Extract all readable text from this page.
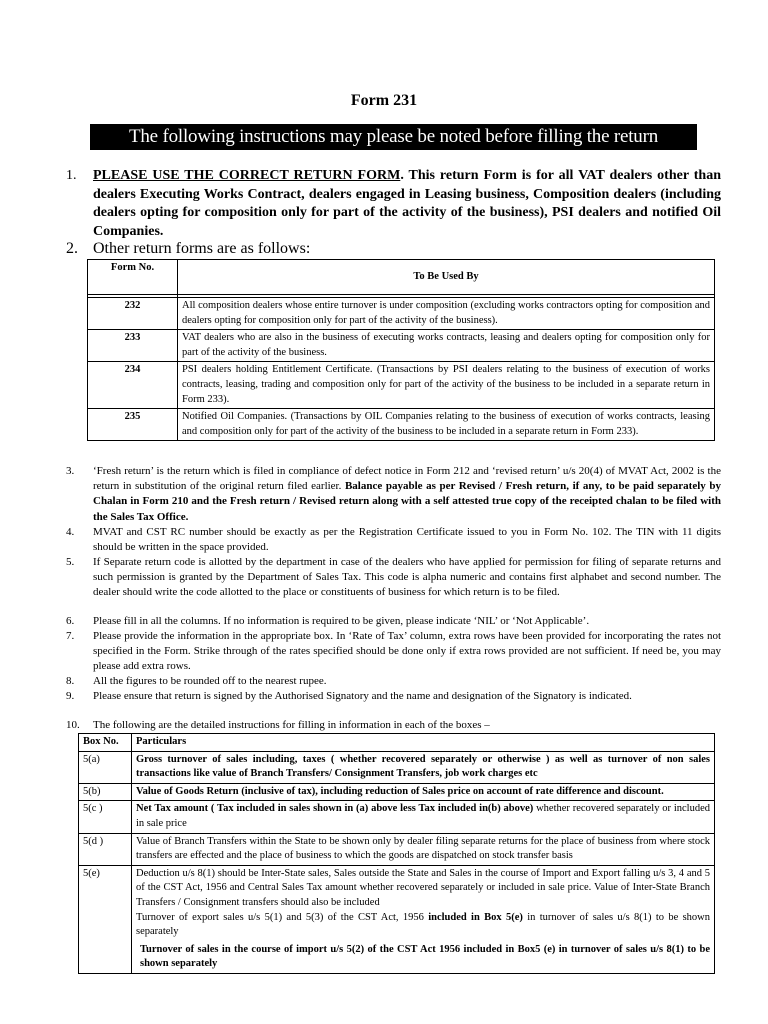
Form 231
The following instructions may please be noted before filling the return
1.	PLEASE USE THE CORRECT RETURN FORM. This return Form is for all VAT dealers other than dealers Executing Works Contract, dealers engaged in Leasing business, Composition dealers (including dealers opting for composition only for part of the activity of the business), PSI dealers and notified Oil Companies.
2. Other return forms are as follows:
Form No.	To Be Used By

232	All composition dealers whose entire turnover is under composition (excluding works contractors opting for composition and dealers opting for composition only for part of the activity of the business).
233	VAT dealers who are also in the business of executing works contracts, leasing and dealers opting for composition only for part of the activity of the business.
234	PSI dealers holding Entitlement Certificate. (Transactions by PSI dealers relating to the business of execution of works contracts, leasing, trading and composition only for part of the activity of the business to be included in a separate return in Form 233).
235	Notified Oil Companies. (Transactions by OIL Companies relating to the business of execution of works contracts, leasing and composition only for part of the activity of the business to be included in a separate return in Form 233).
3.	‘Fresh return’ is the return which is filed in compliance of defect notice in Form 212 and ‘revised return’ u/s 20(4) of MVAT Act, 2002 is the return in substitution of the original return filed earlier. Balance payable as per Revised / Fresh return, if any, to be paid separately by Chalan in Form 210 and the Fresh return / Revised return along with a self attested true copy of the receipted chalan to be filed with the Sales Tax Office.
4.	MVAT and CST RC number should be exactly as per the Registration Certificate issued to you in Form No. 102. The TIN with 11 digits should be written in the space provided.
5.	If Separate return code is allotted by the department in case of the dealers who have applied for permission for filing of separate returns and such permission is granted by the Department of Sales Tax. This code is alpha numeric and contains first alphabet and second number. The dealer should write the code allotted to the place or constituents of business for which return is to be filed.
6.	Please fill in all the columns. If no information is required to be given, please indicate ‘NIL’ or ‘Not Applicable’.
7.	Please provide the information in the appropriate box. In ‘Rate of Tax’ column, extra rows have been provided for incorporating the rates not specified in the Form. Strike through of the rates specified should be done only if extra rows provided are not sufficient. If need be, you may please add extra rows.
8.	All the figures to be rounded off to the nearest rupee.
9.	Please ensure that return is signed by the Authorised Signatory and the name and designation of the Signatory is indicated.
10.	The following are the detailed instructions for filling in information in each of the boxes –
Box No.	Particulars
5(a)	Gross turnover of sales including, taxes ( whether recovered separately or otherwise ) as well as turnover of non sales transactions like value of Branch Transfers/ Consignment Transfers, job work charges etc
5(b)	Value of Goods Return (inclusive of tax), including reduction of Sales price on account of rate difference and discount.
5(c )	Net Tax amount ( Tax included in sales shown in (a) above less Tax included in(b) above) whether recovered separately or included in sale price
5(d )	Value of Branch Transfers within the State to be shown only by dealer filing separate returns for the place of business from where stock transfers are effected and the place of business to which the goods are dispatched on stock transfer basis
5(e)	Deduction u/s 8(1) should be Inter-State sales, Sales outside the State and Sales in the course of Import and Export falling u/s 3, 4 and 5 of the CST Act, 1956 and Central Sales Tax amount whether recovered separately or included in sale price. Value of Inter-State Branch Transfers / Consignment transfers should also be included
Turnover of export sales u/s 5(1) and 5(3) of the CST Act, 1956 included in Box 5(e) in turnover of sales u/s 8(1) to be shown separately
Turnover of sales in the course of import u/s 5(2) of the CST Act 1956 included in Box5 (e) in turnover of sales u/s 8(1) to be shown separately
